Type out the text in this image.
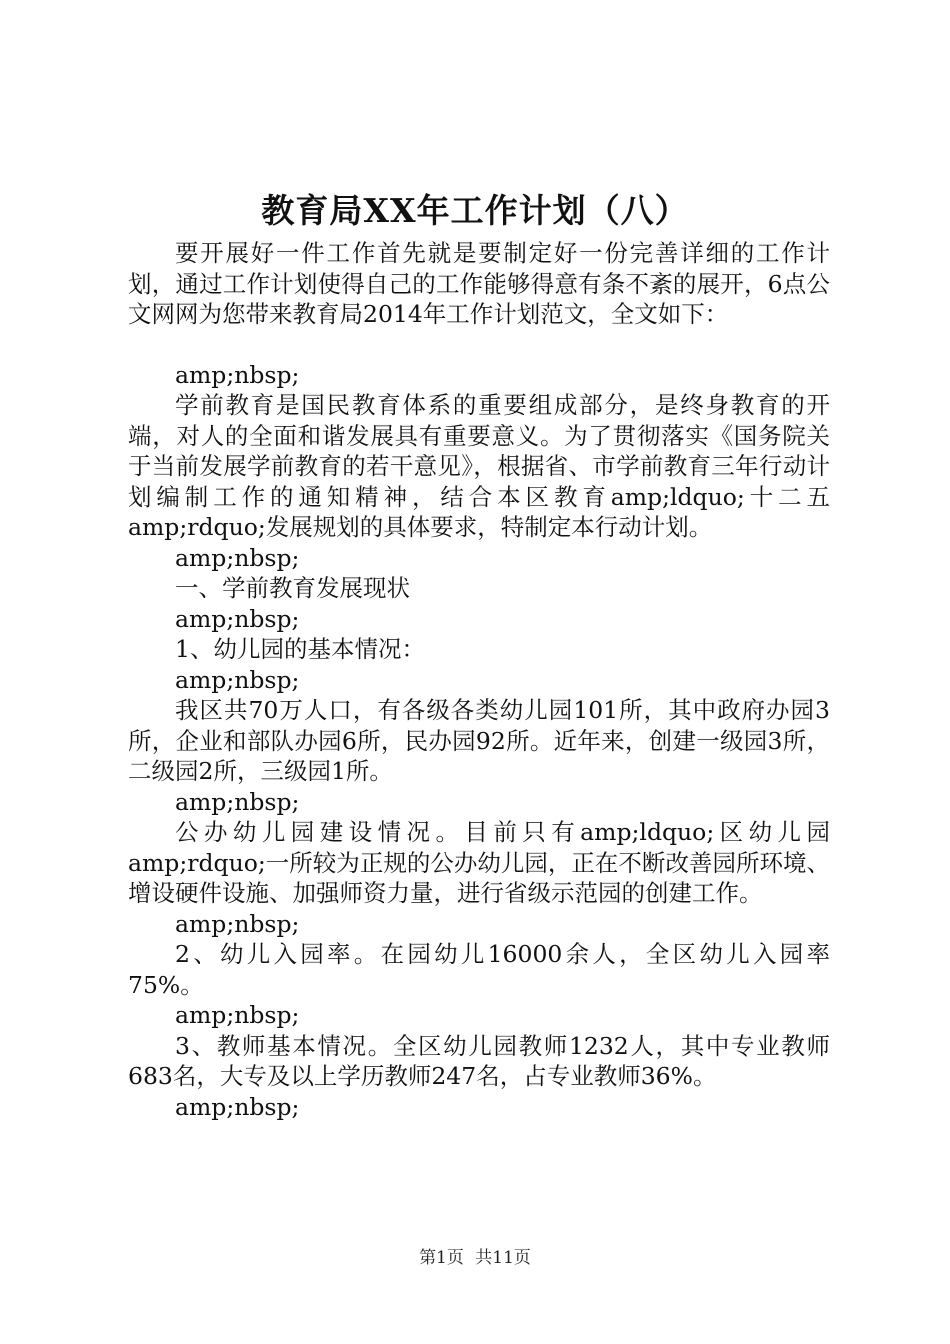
教育局XX年工作计划（八）

要开展好一件工作首先就是要制定好一份完善详细的工作计划，通过工作计划使得自己的工作能够得意有条不紊的展开，6点公文网网为您带来教育局2014年工作计划范文，全文如下：

amp;nbsp;

学前教育是国民教育体系的重要组成部分，是终身教育的开端，对人的全面和谐发展具有重要意义。为了贯彻落实《国务院关于当前发展学前教育的若干意见》，根据省、市学前教育三年行动计划编制工作的通知精神，结合本区教育amp;ldquo;十二五amp;rdquo;发展规划的具体要求，特制定本行动计划。

amp;nbsp;

一、学前教育发展现状

amp;nbsp;

1、幼儿园的基本情况：

amp;nbsp;

我区共70万人口，有各级各类幼儿园101所，其中政府办园3所，企业和部队办园6所，民办园92所。近年来，创建一级园3所，二级园2所，三级园1所。

amp;nbsp;

公办幼儿园建设情况。目前只有amp;ldquo;区幼儿园amp;rdquo;一所较为正规的公办幼儿园，正在不断改善园所环境、增设硬件设施、加强师资力量，进行省级示范园的创建工作。

amp;nbsp;

2、幼儿入园率。在园幼儿16000余人，全区幼儿入园率75%。

amp;nbsp;

3、教师基本情况。全区幼儿园教师1232人，其中专业教师683名，大专及以上学历教师247名，占专业教师36%。

amp;nbsp;

第1页 共11页
